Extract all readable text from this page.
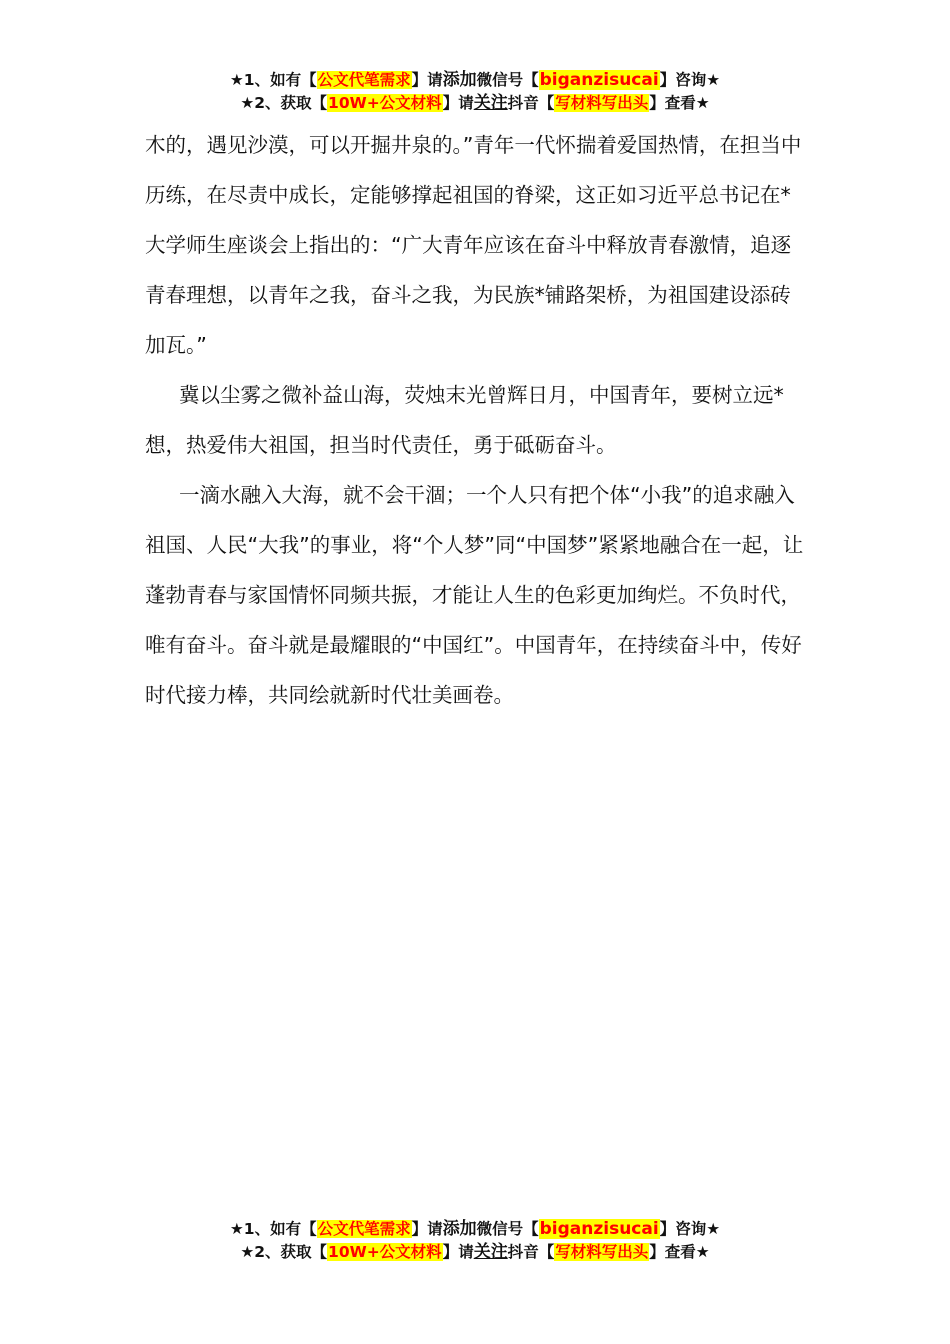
★1、如有【公文代笔需求】请添加微信号【biganzisucai】咨询★
★2、获取【10W+公文材料】请关注抖音【写材料写出头】查看★

木的，遇见沙漠，可以开掘井泉的。”青年一代怀揣着爱国热情，在担当中历练，在尽责中成长，定能够撑起祖国的脊梁，这正如习近平总书记在*大学师生座谈会上指出的：“广大青年应该在奋斗中释放青春激情，追逐青春理想，以青年之我，奋斗之我，为民族*铺路架桥，为祖国建设添砖加瓦。”

冀以尘雾之微补益山海，荧烛末光曾辉日月，中国青年，要树立远*想，热爱伟大祖国，担当时代责任，勇于砥砺奋斗。

一滴水融入大海，就不会干涸；一个人只有把个体“小我”的追求融入祖国、人民“大我”的事业，将“个人梦”同“中国梦”紧紧地融合在一起，让蓬勃青春与家国情怀同频共振，才能让人生的色彩更加绚烂。不负时代，唯有奋斗。奋斗就是最耀眼的“中国红”。中国青年，在持续奋斗中，传好时代接力棒，共同绘就新时代壮美画卷。

★1、如有【公文代笔需求】请添加微信号【biganzisucai】咨询★
★2、获取【10W+公文材料】请关注抖音【写材料写出头】查看★
